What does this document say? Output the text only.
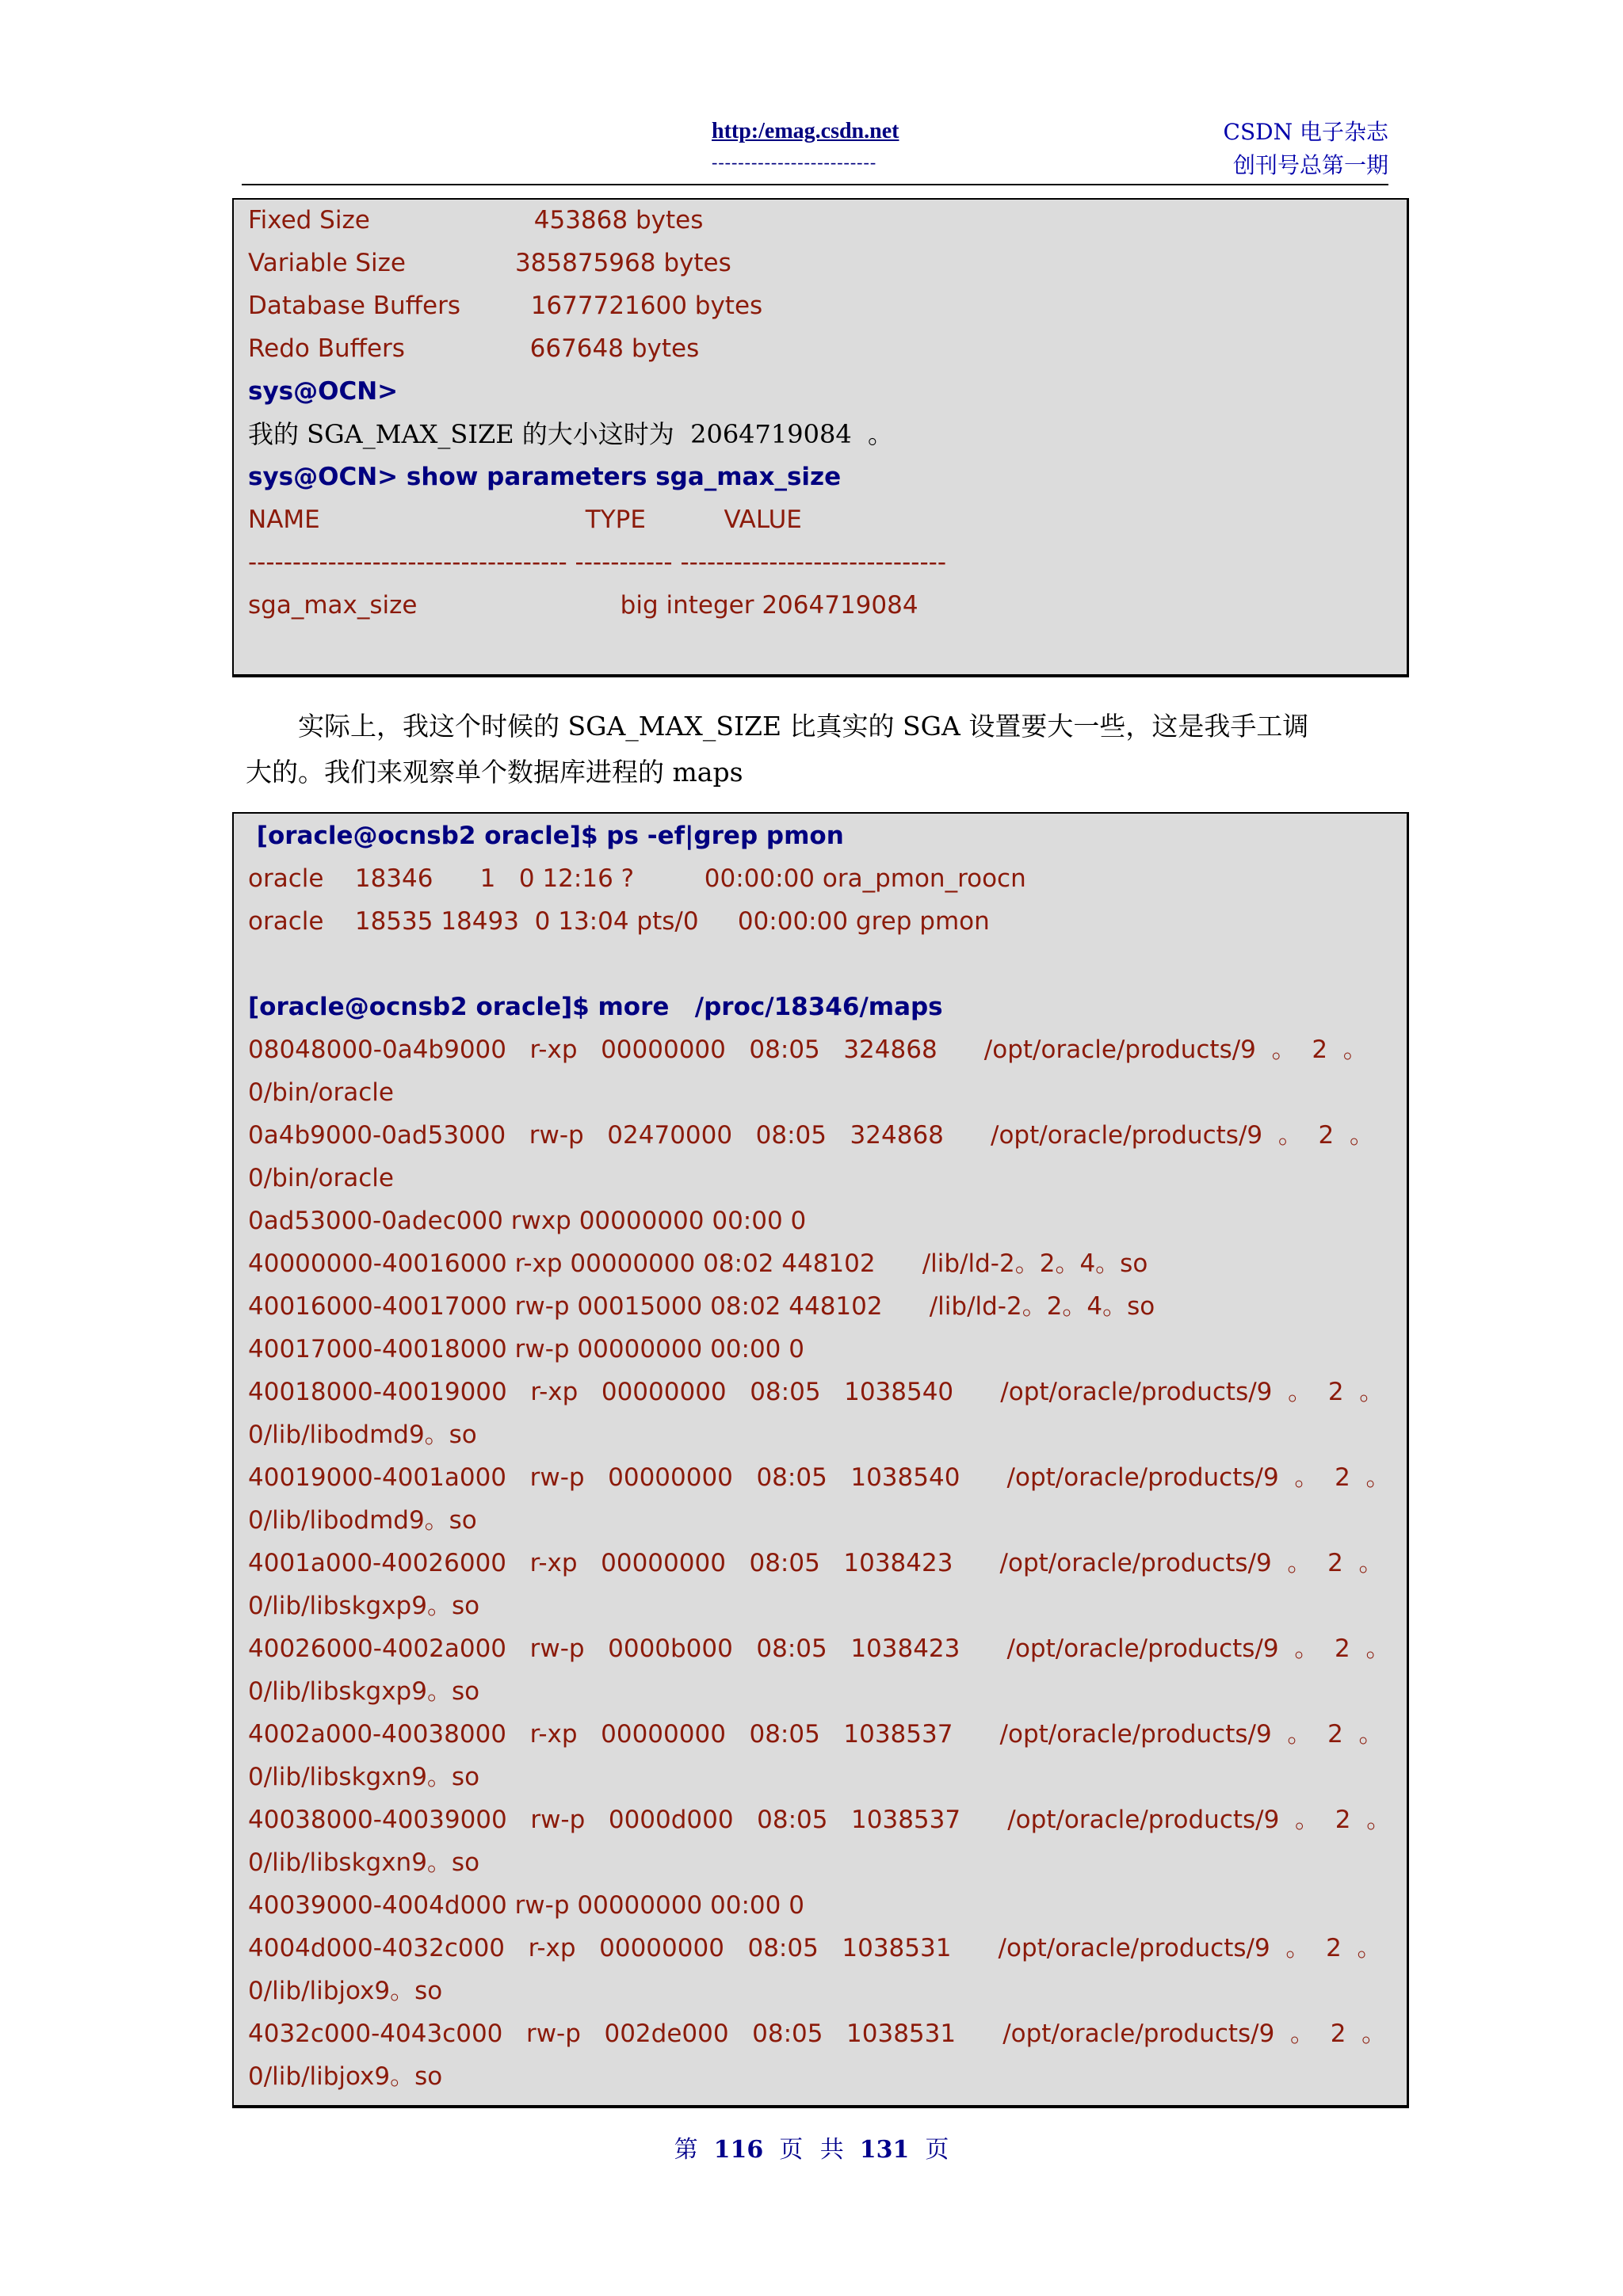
http:/emag.csdn.net
-------------------------
CSDN 电子杂志
创刊号总第一期
Fixed Size                     453868 bytes
Variable Size              385875968 bytes
Database Buffers         1677721600 bytes
Redo Buffers                667648 bytes
sys@OCN>
我的 SGA_MAX_SIZE 的大小这时为  2064719084  。
sys@OCN> show parameters sga_max_size
NAME                                  TYPE          VALUE
------------------------------------ ----------- ------------------------------
sga_max_size                          big integer 2064719084
实际上，我这个时候的 SGA_MAX_SIZE 比真实的 SGA 设置要大一些，这是我手工调
大的。我们来观察单个数据库进程的 maps
[oracle@ocnsb2 oracle]$ ps -ef|grep pmon
oracle    18346      1   0 12:16 ?         00:00:00 ora_pmon_roocn
oracle    18535 18493  0 13:04 pts/0     00:00:00 grep pmon
[oracle@ocnsb2 oracle]$ more   /proc/18346/maps
08048000-0a4b9000   r-xp   00000000   08:05   324868      /opt/oracle/products/9  。  2  。
0/bin/oracle
0a4b9000-0ad53000   rw-p   02470000   08:05   324868      /opt/oracle/products/9  。  2  。
0/bin/oracle
0ad53000-0adec000 rwxp 00000000 00:00 0
40000000-40016000 r-xp 00000000 08:02 448102      /lib/ld-2。2。4。so
40016000-40017000 rw-p 00015000 08:02 448102      /lib/ld-2。2。4。so
40017000-40018000 rw-p 00000000 00:00 0
40018000-40019000   r-xp   00000000   08:05   1038540      /opt/oracle/products/9  。  2  。
0/lib/libodmd9。so
40019000-4001a000   rw-p   00000000   08:05   1038540      /opt/oracle/products/9  。  2  。
0/lib/libodmd9。so
4001a000-40026000   r-xp   00000000   08:05   1038423      /opt/oracle/products/9  。  2  。
0/lib/libskgxp9。so
40026000-4002a000   rw-p   0000b000   08:05   1038423      /opt/oracle/products/9  。  2  。
0/lib/libskgxp9。so
4002a000-40038000   r-xp   00000000   08:05   1038537      /opt/oracle/products/9  。  2  。
0/lib/libskgxn9。so
40038000-40039000   rw-p   0000d000   08:05   1038537      /opt/oracle/products/9  。  2  。
0/lib/libskgxn9。so
40039000-4004d000 rw-p 00000000 00:00 0
4004d000-4032c000   r-xp   00000000   08:05   1038531      /opt/oracle/products/9  。  2  。
0/lib/libjox9。so
4032c000-4043c000   rw-p   002de000   08:05   1038531      /opt/oracle/products/9  。  2  。
0/lib/libjox9。so
第 116 页 共 131 页
